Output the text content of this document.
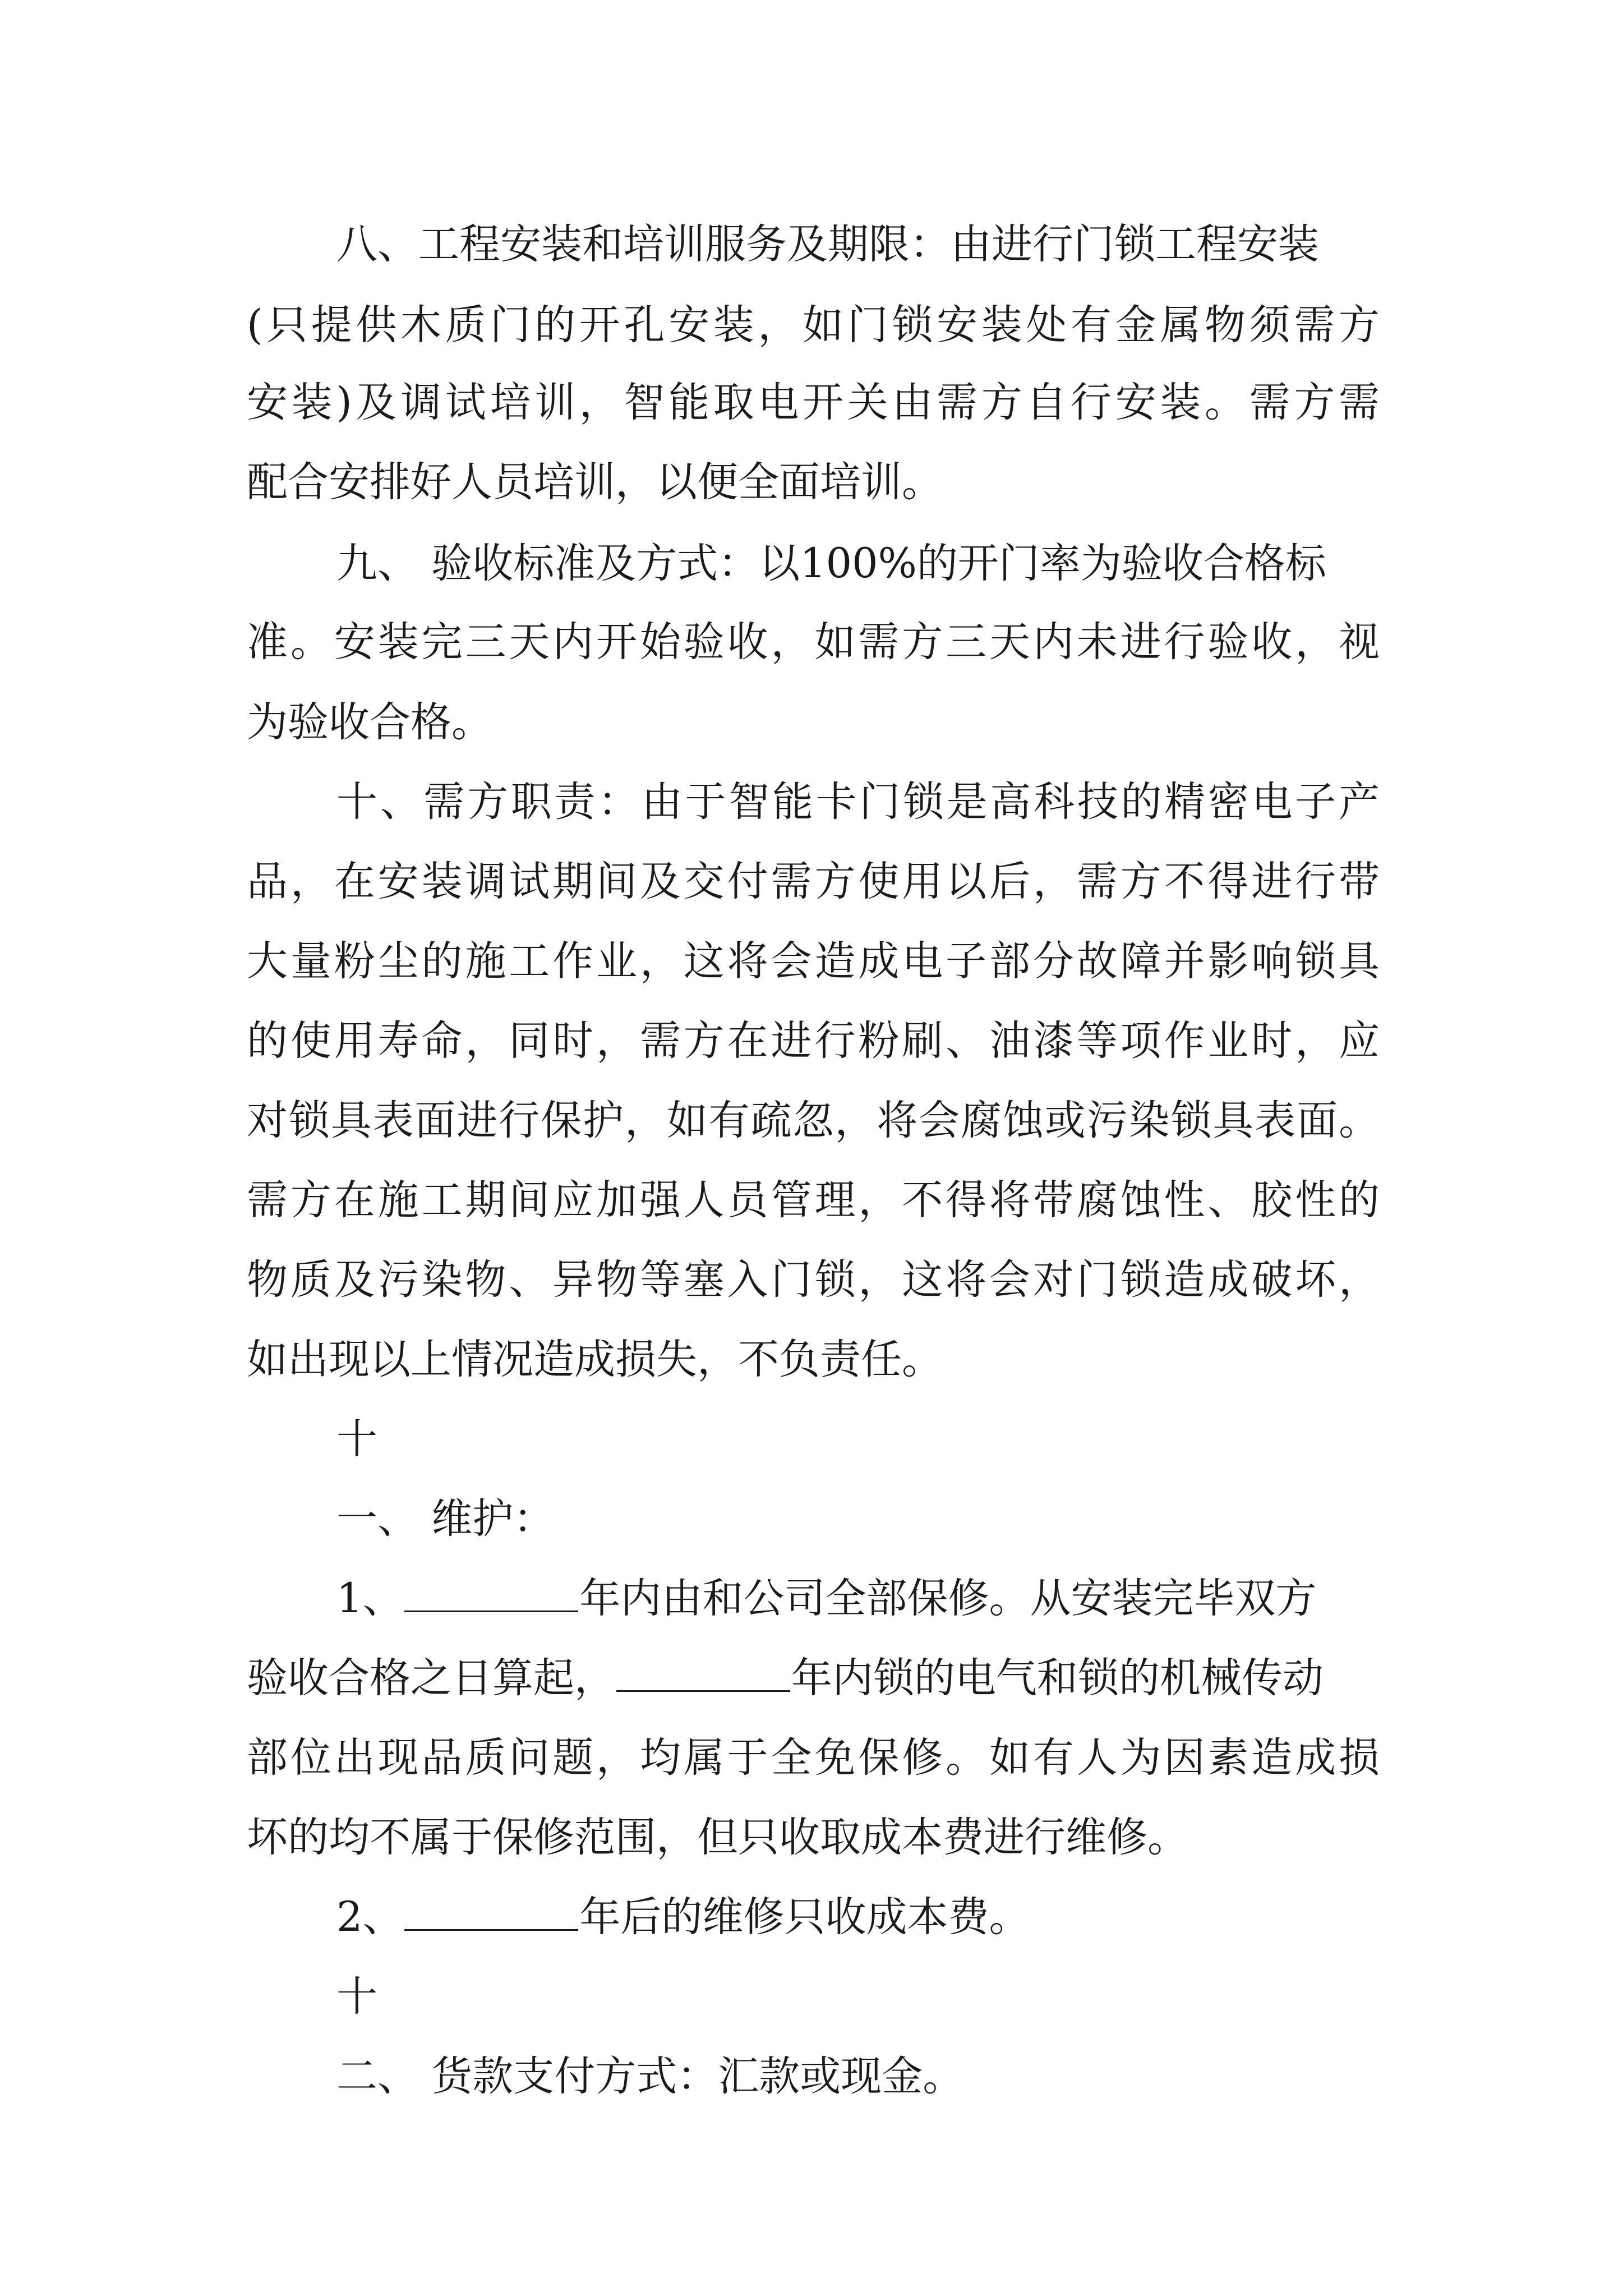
八、工程安装和培训服务及期限：由进行门锁工程安装
(只提供木质门的开孔安装，如门锁安装处有金属物须需方
安装)及调试培训，智能取电开关由需方自行安装。需方需
配合安排好人员培训，以便全面培训。
九、 验收标准及方式：以100%的开门率为验收合格标
准。安装完三天内开始验收，如需方三天内未进行验收，视
为验收合格。
十、需方职责：由于智能卡门锁是高科技的精密电子产
品，在安装调试期间及交付需方使用以后，需方不得进行带
大量粉尘的施工作业，这将会造成电子部分故障并影响锁具
的使用寿命，同时，需方在进行粉刷、油漆等项作业时，应
对锁具表面进行保护，如有疏忽，将会腐蚀或污染锁具表面。
需方在施工期间应加强人员管理，不得将带腐蚀性、胶性的
物质及污染物、异物等塞入门锁，这将会对门锁造成破坏，
如出现以上情况造成损失，不负责任。
十
一、 维护：
1、	年内由和公司全部保修。从安装完毕双方
验收合格之日算起，	年内锁的电气和锁的机械传动
部位出现品质问题，均属于全免保修。如有人为因素造成损
坏的均不属于保修范围，但只收取成本费进行维修。
2、	年后的维修只收成本费。
十
二、 货款支付方式：汇款或现金。
